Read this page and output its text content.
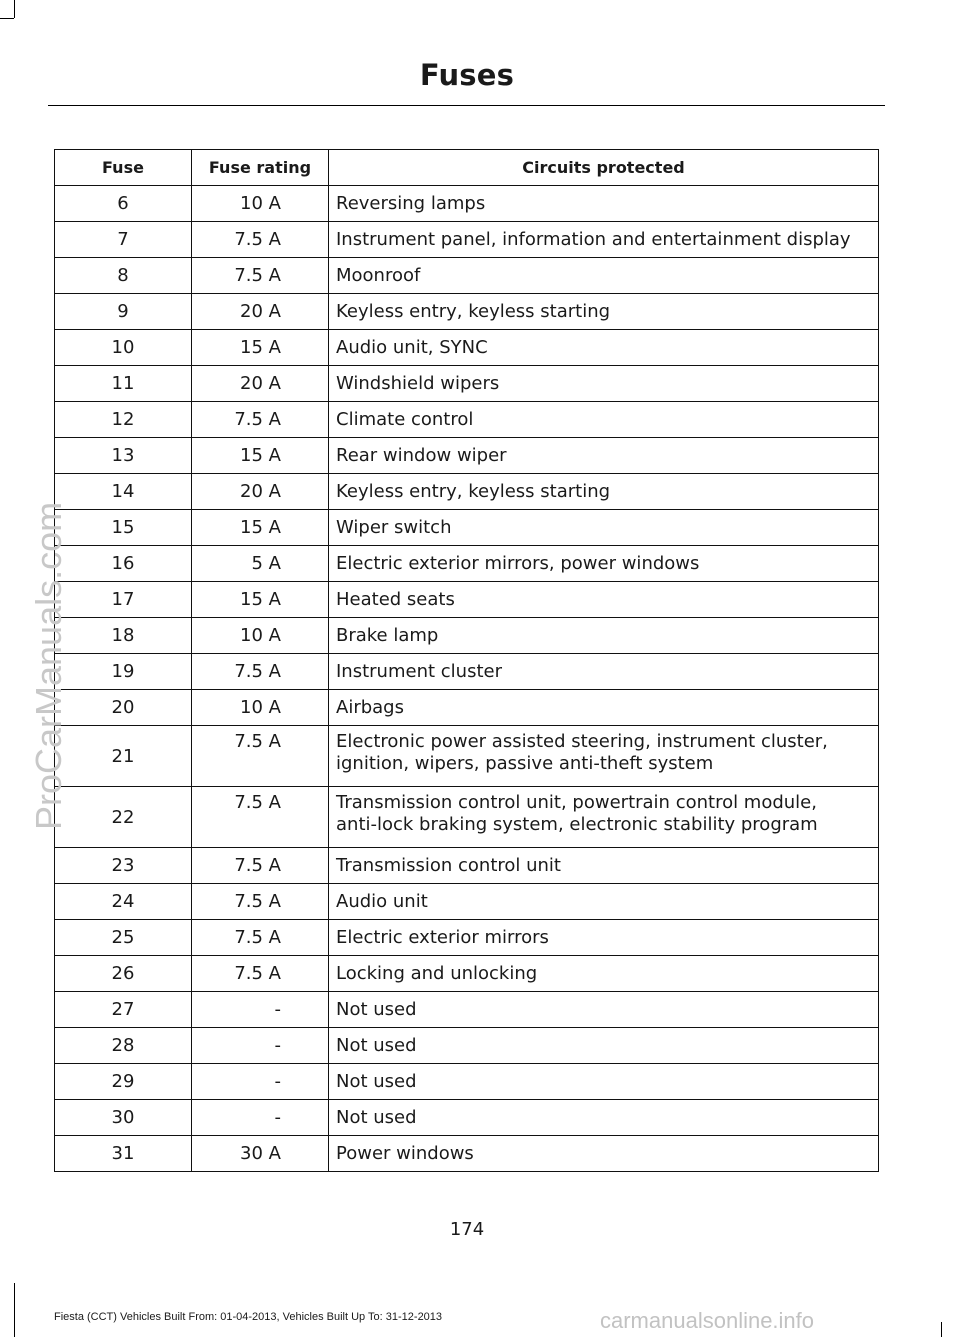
Fuses
Fuse	Fuse rating	Circuits protected
6	10 A	Reversing lamps

7	7.5 A	Instrument panel, information and entertainment display

8	7.5 A	Moonroof

9	20 A	Keyless entry, keyless starting

10	15 A	Audio unit, SYNC

11	20 A	Windshield wipers

12	7.5 A	Climate control

13	15 A	Rear window wiper

14	20 A	Keyless entry, keyless starting

15	15 A	Wiper switch

16	5 A	Electric exterior mirrors, power windows

17	15 A	Heated seats

18	10 A	Brake lamp

19	7.5 A	Instrument cluster

20	10 A	Airbags

21	7.5 A	Electronic power assisted steering, instrument cluster,
ignition, wipers, passive anti-theft system

22	7.5 A	Transmission control unit, powertrain control module,
anti-lock braking system, electronic stability program

23	7.5 A	Transmission control unit

24	7.5 A	Audio unit

25	7.5 A	Electric exterior mirrors

26	7.5 A	Locking and unlocking

27	-	Not used

28	-	Not used

29	-	Not used

30	-	Not used

31	30 A	Power windows
174
Fiesta (CCT) Vehicles Built From: 01-04-2013, Vehicles Built Up To: 31-12-2013
ProCarManuals.com
carmanualsonline.info
